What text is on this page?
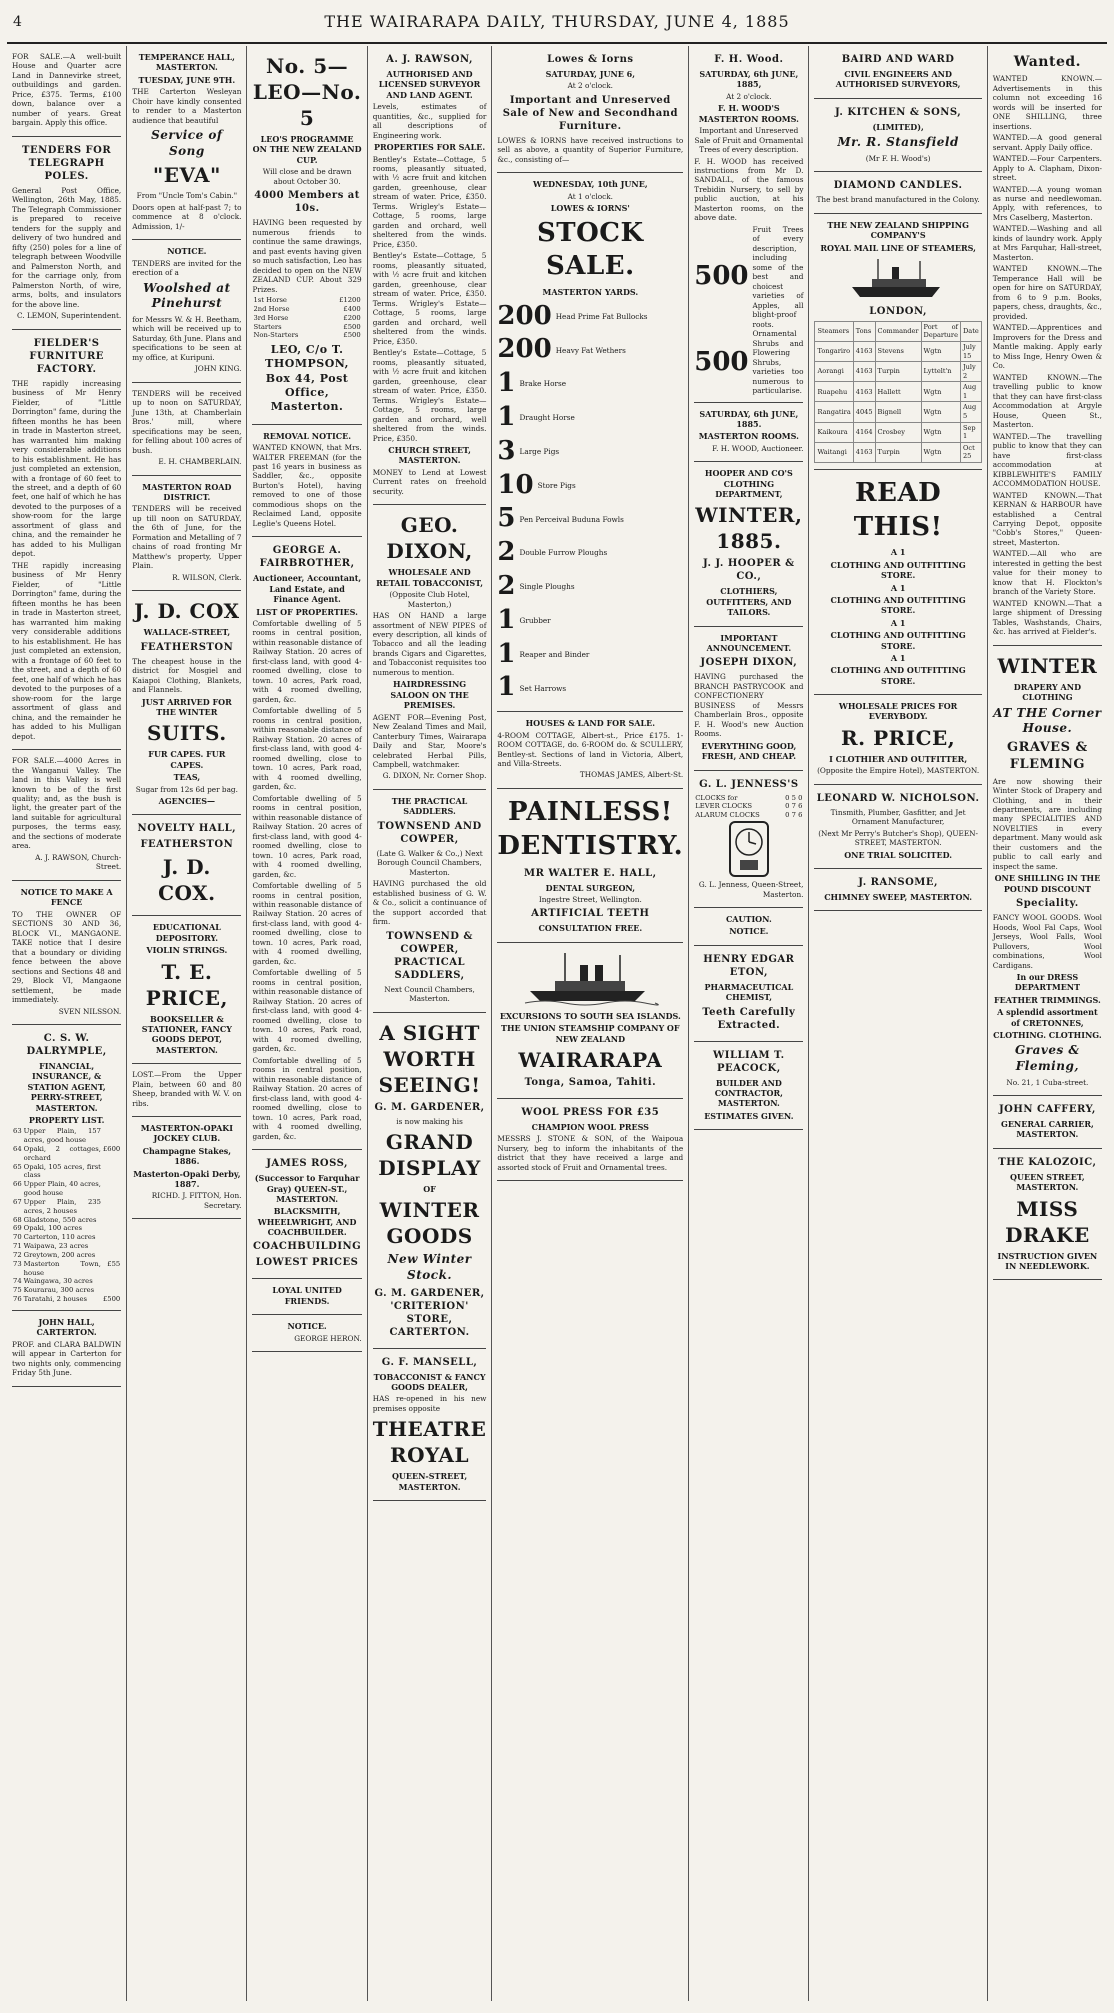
4	THE WAIRARAPA DAILY, THURSDAY, JUNE 4, 1885

FOR SALE.—A well-built House and Quarter acre Land in Dannevirke street, outbuildings and garden. Price, £375. Terms, £100 down, balance over a number of years. Great bargain. Apply this office.

TENDERS FOR TELEGRAPH POLES.

General Post Office, Wellington, 26th May, 1885. The Telegraph Commissioner is prepared to receive tenders for the supply and delivery of two hundred and fifty (250) poles for a line of telegraph between Woodville and Palmerston North, and for the carriage only, from Palmerston North, of wire, arms, bolts, and insulators for the above line.

C. LEMON, Superintendent.

FIELDER'S FURNITURE FACTORY.

THE rapidly increasing business of Mr Henry Fielder, of "Little Dorrington" fame, during the fifteen months he has been in trade in Masterton street, has warranted him making very considerable additions to his establishment. He has just completed an extension, with a frontage of 60 feet to the street, and a depth of 60 feet, one half of which he has devoted to the purposes of a show-room for the large assortment of glass and china, and the remainder he has added to his Mulligan depot.

THE rapidly increasing business of Mr Henry Fielder, of "Little Dorrington" fame, during the fifteen months he has been in trade in Masterton street, has warranted him making very considerable additions to his establishment. He has just completed an extension, with a frontage of 60 feet to the street, and a depth of 60 feet, one half of which he has devoted to the purposes of a show-room for the large assortment of glass and china, and the remainder he has added to his Mulligan depot.

FOR SALE.—4000 Acres in the Wanganui Valley. The land in this Valley is well known to be of the first quality; and, as the bush is light, the greater part of the land suitable for agricultural purposes, the terms easy, and the sections of moderate area.

A. J. RAWSON, Church-Street.

NOTICE TO MAKE A FENCE

TO THE OWNER OF SECTIONS 30 AND 36, BLOCK VI., MANGAONE. TAKE notice that I desire that a boundary or dividing fence between the above sections and Sections 48 and 29, Block VI, Mangaone settlement, be made immediately.

SVEN NILSSON.

C. S. W. DALRYMPLE,
FINANCIAL, INSURANCE, & STATION AGENT, PERRY-STREET, MASTERTON.
PROPERTY LIST.
63	Upper Plain, 157 acres, good house	
64	Opaki, 2 cottages, orchard	£600
65	Opaki, 105 acres, first class	
66	Upper Plain, 40 acres, good house	
67	Upper Plain, 235 acres, 2 houses	
68	Gladstone, 550 acres	
69	Opaki, 100 acres	
70	Carterton, 110 acres	
71	Waipawa, 23 acres	
72	Greytown, 200 acres	
73	Masterton Town, house	£55
74	Waingawa, 30 acres	
75	Kourarau, 300 acres	
76	Taratahi, 2 houses	£500
JOHN HALL, CARTERTON.

PROF. and CLARA BALDWIN will appear in Carterton for two nights only, commencing Friday 5th June.

TEMPERANCE HALL, MASTERTON.
TUESDAY, JUNE 9TH.

THE Carterton Wesleyan Choir have kindly consented to render to a Masterton audience that beautiful

Service of Song
"EVA"

From "Uncle Tom's Cabin."

Doors open at half-past 7; to commence at 8 o'clock. Admission, 1/-

NOTICE.

TENDERS are invited for the erection of a

Woolshed at Pinehurst

for Messrs W. & H. Beetham, which will be received up to Saturday, 6th June. Plans and specifications to be seen at my office, at Kuripuni.

JOHN KING.

TENDERS will be received up to noon on SATURDAY, June 13th, at Chamberlain Bros.' mill, where specifications may be seen, for felling about 100 acres of bush.

E. H. CHAMBERLAIN.

MASTERTON ROAD DISTRICT.

TENDERS will be received up till noon on SATURDAY, the 6th of June, for the Formation and Metalling of 7 chains of road fronting Mr Matthew's property, Upper Plain.

R. WILSON, Clerk.

J. D. COX
WALLACE-STREET,
FEATHERSTON

The cheapest house in the district for Mosgiel and Kaiapoi Clothing, Blankets, and Flannels.

JUST ARRIVED FOR THE WINTER
SUITS.
FUR CAPES. FUR CAPES.
TEAS,

Sugar from 12s 6d per bag.

AGENCIES—
NOVELTY HALL,
FEATHERSTON
J. D. COX.
EDUCATIONAL DEPOSITORY.
VIOLIN STRINGS.
T. E. PRICE,
BOOKSELLER & STATIONER, FANCY GOODS DEPOT, MASTERTON.

LOST.—From the Upper Plain, between 60 and 80 Sheep, branded with W. V. on ribs.

MASTERTON-OPAKI JOCKEY CLUB.
Champagne Stakes, 1886.
Masterton-Opaki Derby, 1887.

RICHD. J. FITTON, Hon. Secretary.

No. 5—LEO—No. 5
LEO'S PROGRAMME ON THE NEW ZEALAND CUP.

Will close and be drawn about October 30.

4000 Members at 10s.

HAVING been requested by numerous friends to continue the same drawings, and past events having given so much satisfaction, Leo has decided to open on the NEW ZEALAND CUP. About 329 Prizes.

1st Horse	£1200
2nd Horse	£400
3rd Horse	£200
Starters	£500
Non-Starters	£500
LEO, C/o T. THOMPSON, Box 44, Post Office, Masterton.
REMOVAL NOTICE.

WANTED KNOWN, that Mrs. WALTER FREEMAN (for the past 16 years in business as Saddler, &c., opposite Burton's Hotel), having removed to one of those commodious shops on the Reclaimed Land, opposite Leglie's Queens Hotel.

GEORGE A. FAIRBROTHER,
Auctioneer, Accountant, Land Estate, and Finance Agent.
LIST OF PROPERTIES.

Comfortable dwelling of 5 rooms in central position, within reasonable distance of Railway Station. 20 acres of first-class land, with good 4-roomed dwelling, close to town. 10 acres, Park road, with 4 roomed dwelling, garden, &c.

Comfortable dwelling of 5 rooms in central position, within reasonable distance of Railway Station. 20 acres of first-class land, with good 4-roomed dwelling, close to town. 10 acres, Park road, with 4 roomed dwelling, garden, &c.

Comfortable dwelling of 5 rooms in central position, within reasonable distance of Railway Station. 20 acres of first-class land, with good 4-roomed dwelling, close to town. 10 acres, Park road, with 4 roomed dwelling, garden, &c.

Comfortable dwelling of 5 rooms in central position, within reasonable distance of Railway Station. 20 acres of first-class land, with good 4-roomed dwelling, close to town. 10 acres, Park road, with 4 roomed dwelling, garden, &c.

Comfortable dwelling of 5 rooms in central position, within reasonable distance of Railway Station. 20 acres of first-class land, with good 4-roomed dwelling, close to town. 10 acres, Park road, with 4 roomed dwelling, garden, &c.

Comfortable dwelling of 5 rooms in central position, within reasonable distance of Railway Station. 20 acres of first-class land, with good 4-roomed dwelling, close to town. 10 acres, Park road, with 4 roomed dwelling, garden, &c.

JAMES ROSS,
(Successor to Farquhar Gray) QUEEN-ST., MASTERTON.
BLACKSMITH, WHEELWRIGHT, AND COACHBUILDER.
COACHBUILDING
LOWEST PRICES
LOYAL UNITED FRIENDS.
NOTICE.

GEORGE HERON.

A. J. RAWSON,
AUTHORISED AND LICENSED SURVEYOR AND LAND AGENT.

Levels, estimates of quantities, &c., supplied for all descriptions of Engineering work.

PROPERTIES FOR SALE.

Bentley's Estate—Cottage, 5 rooms, pleasantly situated, with ½ acre fruit and kitchen garden, greenhouse, clear stream of water. Price, £350. Terms. Wrigley's Estate—Cottage, 5 rooms, large garden and orchard, well sheltered from the winds. Price, £350.

Bentley's Estate—Cottage, 5 rooms, pleasantly situated, with ½ acre fruit and kitchen garden, greenhouse, clear stream of water. Price, £350. Terms. Wrigley's Estate—Cottage, 5 rooms, large garden and orchard, well sheltered from the winds. Price, £350.

Bentley's Estate—Cottage, 5 rooms, pleasantly situated, with ½ acre fruit and kitchen garden, greenhouse, clear stream of water. Price, £350. Terms. Wrigley's Estate—Cottage, 5 rooms, large garden and orchard, well sheltered from the winds. Price, £350.

CHURCH STREET, MASTERTON.

MONEY to Lend at Lowest Current rates on freehold security.

GEO. DIXON,
WHOLESALE AND RETAIL TOBACCONIST,

(Opposite Club Hotel, Masterton,)

HAS ON HAND a large assortment of NEW PIPES of every description, all kinds of Tobacco and all the leading brands Cigars and Cigarettes, and Tobacconist requisites too numerous to mention.

HAIRDRESSING SALOON ON THE PREMISES.

AGENT FOR—Evening Post, New Zealand Times and Mail, Canterbury Times, Wairarapa Daily and Star, Moore's celebrated Herbal Pills, Campbell, watchmaker.

G. DIXON, Nr. Corner Shop.

THE PRACTICAL SADDLERS.
TOWNSEND AND COWPER,

(Late G. Walker & Co.,) Next Borough Council Chambers, Masterton.

HAVING purchased the old established business of G. W. & Co., solicit a continuance of the support accorded that firm.

TOWNSEND & COWPER, PRACTICAL SADDLERS,

Next Council Chambers, Masterton.

A SIGHT WORTH SEEING!
G. M. GARDENER,

is now making his

GRAND DISPLAY
OF
WINTER GOODS
New Winter Stock.
G. M. GARDENER, 'CRITERION' STORE, CARTERTON.
G. F. MANSELL,
TOBACCONIST & FANCY GOODS DEALER,

HAS re-opened in his new premises opposite

THEATRE ROYAL
QUEEN-STREET, MASTERTON.
Lowes & Iorns
SATURDAY, JUNE 6,

At 2 o'clock.

Important and Unreserved Sale of New and Secondhand Furniture.

LOWES & IORNS have received instructions to sell as above, a quantity of Superior Furniture, &c., consisting of—

WEDNESDAY, 10th JUNE,

At 1 o'clock.

LOWES & IORNS'
STOCK SALE.
MASTERTON YARDS.
200 Head Prime Fat Bullocks
200 Heavy Fat Wethers
1 Brake Horse
1 Draught Horse
3 Large Pigs
10 Store Pigs
5 Pen Perceival Buduna Fowls
2 Double Furrow Ploughs
2 Single Ploughs
1 Grubber
1 Reaper and Binder
1 Set Harrows
HOUSES & LAND FOR SALE.

4-ROOM COTTAGE, Albert-st., Price £175. 1-ROOM COTTAGE, do. 6-ROOM do. & SCULLERY, Bentley-st. Sections of land in Victoria, Albert, and Villa-Streets.

THOMAS JAMES, Albert-St.

PAINLESS! DENTISTRY.
MR WALTER E. HALL,
DENTAL SURGEON,

Ingestre Street, Wellington.

ARTIFICIAL TEETH
CONSULTATION FREE.
EXCURSIONS TO SOUTH SEA ISLANDS.
THE UNION STEAMSHIP COMPANY OF NEW ZEALAND
WAIRARAPA
Tonga, Samoa, Tahiti.
WOOL PRESS FOR £35
CHAMPION WOOL PRESS

MESSRS J. STONE & SON, of the Waipoua Nursery, beg to inform the inhabitants of the district that they have received a large and assorted stock of Fruit and Ornamental trees.

F. H. Wood.
SATURDAY, 6th JUNE, 1885,

At 2 o'clock.

F. H. WOOD'S MASTERTON ROOMS.

Important and Unreserved Sale of Fruit and Ornamental Trees of every description.

F. H. WOOD has received instructions from Mr D. SANDALL, of the famous Trebidin Nursery, to sell by public auction, at his Masterton rooms, on the above date.

500
Fruit Trees of every description, including some of the best and choicest varieties of Apples, all blight-proof roots.
500
Ornamental Shrubs and Flowering Shrubs, varieties too numerous to particularise.
SATURDAY, 6th JUNE, 1885.
MASTERTON ROOMS.

F. H. WOOD, Auctioneer.

HOOPER AND CO'S CLOTHING DEPARTMENT,
WINTER, 1885.
J. J. HOOPER & CO.,
CLOTHIERS, OUTFITTERS, AND TAILORS.
IMPORTANT ANNOUNCEMENT.
JOSEPH DIXON,

HAVING purchased the BRANCH PASTRYCOOK and CONFECTIONERY BUSINESS of Messrs Chamberlain Bros., opposite F. H. Wood's new Auction Rooms.

EVERYTHING GOOD, FRESH, AND CHEAP.
G. L. JENNESS'S
CLOCKS for	0 5 0
LEVER CLOCKS	0 7 6
ALARUM CLOCKS	0 7 6

G. L. Jenness, Queen-Street, Masterton.

CAUTION.
NOTICE.
HENRY EDGAR ETON,
PHARMACEUTICAL CHEMIST,
Teeth Carefully Extracted.
WILLIAM T. PEACOCK,
BUILDER AND CONTRACTOR, MASTERTON.
ESTIMATES GIVEN.
BAIRD AND WARD
CIVIL ENGINEERS AND AUTHORISED SURVEYORS,
J. KITCHEN & SONS,
(LIMITED),
Mr. R. Stansfield

(Mr F. H. Wood's)

DIAMOND CANDLES.

The best brand manufactured in the Colony.

THE NEW ZEALAND SHIPPING COMPANY'S
ROYAL MAIL LINE OF STEAMERS,
LONDON,
Steamers	Tons	Commander	Port of Departure	Date
Tongariro	4163	Stevens	Wgtn	July 15
Aorangi	4163	Turpin	Lyttelt'n	July 2
Ruapehu	4163	Hallett	Wgtn	Aug 1
Rangatira	4045	Bignell	Wgtn	Aug 5
Kaikoura	4164	Crosbey	Wgtn	Sep 1
Waitangi	4163	Turpin	Wgtn	Oct 25
READ THIS!
A 1
CLOTHING AND OUTFITTING STORE.
A 1
CLOTHING AND OUTFITTING STORE.
A 1
CLOTHING AND OUTFITTING STORE.
A 1
CLOTHING AND OUTFITTING STORE.
WHOLESALE PRICES FOR EVERYBODY.
R. PRICE,
I CLOTHIER AND OUTFITTER,

(Opposite the Empire Hotel), MASTERTON.

LEONARD W. NICHOLSON.

Tinsmith, Plumber, Gasfitter, and Jet Ornament Manufacturer,

(Next Mr Perry's Butcher's Shop), QUEEN-STREET, MASTERTON.

ONE TRIAL SOLICITED.
J. RANSOME,
CHIMNEY SWEEP, MASTERTON.
Wanted.

WANTED KNOWN.—Advertisements in this column not exceeding 16 words will be inserted for ONE SHILLING, three insertions.

WANTED.—A good general servant. Apply Daily office.

WANTED.—Four Carpenters. Apply to A. Clapham, Dixon-street.

WANTED.—A young woman as nurse and needlewoman. Apply, with references, to Mrs Caselberg, Masterton.

WANTED.—Washing and all kinds of laundry work. Apply at Mrs Farquhar, Hall-street, Masterton.

WANTED KNOWN.—The Temperance Hall will be open for hire on SATURDAY, from 6 to 9 p.m. Books, papers, chess, draughts, &c., provided.

WANTED.—Apprentices and Improvers for the Dress and Mantle making. Apply early to Miss Inge, Henry Owen & Co.

WANTED KNOWN.—The travelling public to know that they can have first-class Accommodation at Argyle House, Queen St., Masterton.

WANTED.—The travelling public to know that they can have first-class accommodation at KIBBLEWHITE'S FAMILY ACCOMMODATION HOUSE.

WANTED KNOWN.—That KERNAN & HARBOUR have established a Central Carrying Depot, opposite "Cobb's Stores," Queen-street, Masterton.

WANTED.—All who are interested in getting the best value for their money to know that H. Flockton's branch of the Variety Store.

WANTED KNOWN.—That a large shipment of Dressing Tables, Washstands, Chairs, &c. has arrived at Fielder's.

WINTER
DRAPERY AND CLOTHING
AT THE Corner House.
GRAVES & FLEMING

Are now showing their Winter Stock of Drapery and Clothing, and in their departments, are including many SPECIALITIES AND NOVELTIES in every department. Many would ask their customers and the public to call early and inspect the same.

ONE SHILLING IN THE POUND DISCOUNT
Speciality.

FANCY WOOL GOODS. Wool Hoods, Wool Fal Caps, Wool Jerseys, Wool Falls, Wool Pullovers, Wool combinations, Wool Cardigans.

In our DRESS DEPARTMENT
FEATHER TRIMMINGS.
A splendid assortment of CRETONNES,
CLOTHING. CLOTHING.
Graves & Fleming,

No. 21, 1 Cuba-street.

JOHN CAFFERY,
GENERAL CARRIER, MASTERTON.
THE KALOZOIC,
QUEEN STREET, MASTERTON.
MISS DRAKE
INSTRUCTION GIVEN IN NEEDLEWORK.
